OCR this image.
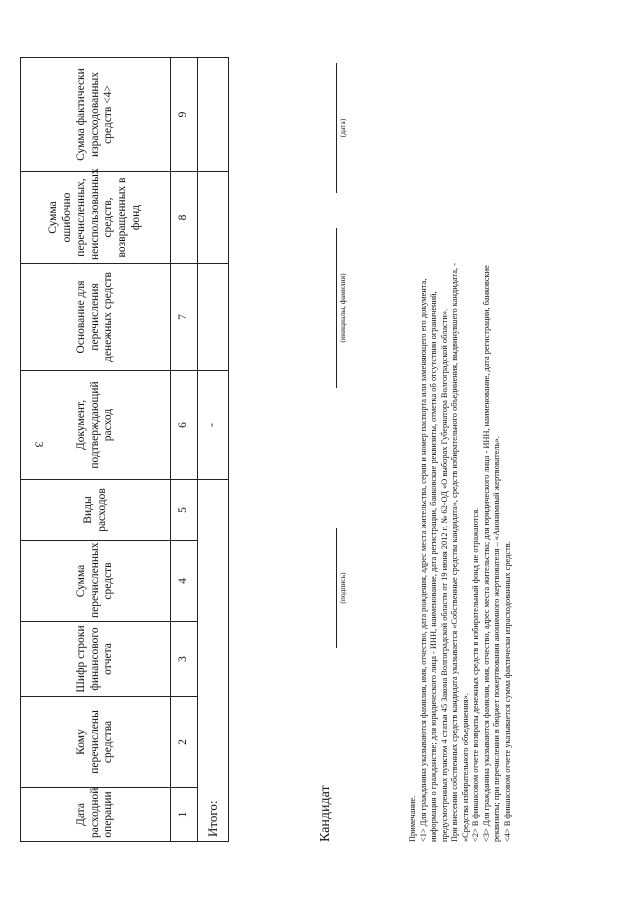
3
Дата расходной операции	Кому перечислены средства	Шифр строки финансового отчета	Сумма перечисленных средств	Виды расходов	Документ, подтверждающий расход	Основание для перечисления денежных средств	Сумма ошибочно перечисленных, неиспользованных средств, возвращенных в фонд	Сумма фактически израсходованных средств <4>
1	2	3	4	5	6	7	8	9
Итого:					-			
Кандидат
(подпись)
(инициалы, фамилия)
(дата)

Примечание. <1> Для гражданина указываются фамилия, имя, отчество, дата рождения, адрес места жительства, серия и номер паспорта или заменяющего его документа, информация о гражданстве; для юридического лица - ИНН, наименование, дата регистрации, банковские реквизиты, отметка об отсутствии ограничений, предусмотренных пунктом 4 статьи 45 Закона Волгоградской области от 19 июня 2012 г. № 62-ОД «О выборах Губернатора Волгоградской области». При внесении собственных средств кандидата указывается «Собственные средства кандидата», средств избирательного объединения, выдвинувшего кандидата, - «Средства избирательного объединения». <2> В финансовом отчете возвраты денежных средств в избирательный фонд не отражаются. <3> Для гражданина указываются фамилия, имя, отчество, адрес места жительства; для юридического лица - ИНН, наименование, дата регистрации, банковские реквизиты; при перечислении в бюджет пожертвования анонимного жертвователя – «Анонимный жертвователь». <4> В финансовом отчете указывается сумма фактически израсходованных средств.
